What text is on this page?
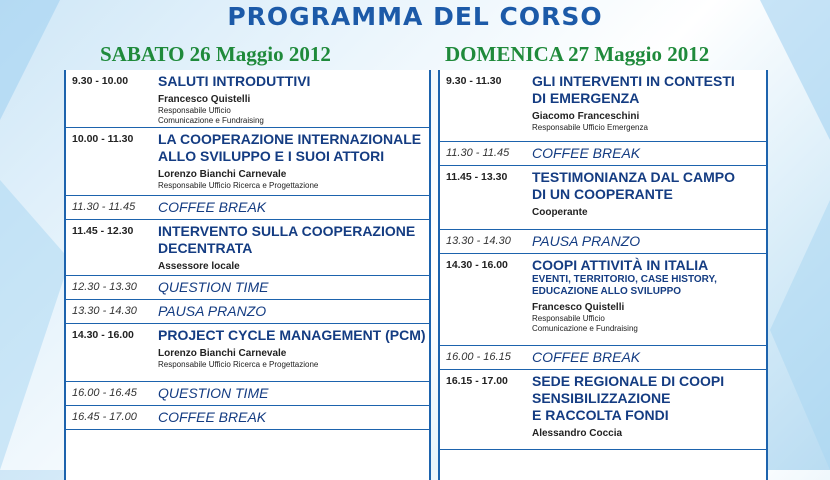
PROGRAMMA DEL CORSO
SABATO 26 Maggio 2012	DOMENICA 27 Maggio 2012
9.30 - 10.00	SALUTI INTRODUTTIVI
Francesco Quistelli
Responsabile Ufficio
Comunicazione e Fundraising
10.00 - 11.30	LA COOPERAZIONE INTERNAZIONALE
ALLO SVILUPPO E I SUOI ATTORI
Lorenzo Bianchi Carnevale
Responsabile Ufficio Ricerca e Progettazione
11.30 - 11.45	COFFEE BREAK
11.45 - 12.30	INTERVENTO SULLA COOPERAZIONE
DECENTRATA
Assessore locale
12.30 - 13.30	QUESTION TIME
13.30 - 14.30	PAUSA PRANZO
14.30 - 16.00	PROJECT CYCLE MANAGEMENT (PCM)
Lorenzo Bianchi Carnevale
Responsabile Ufficio Ricerca e Progettazione
16.00 - 16.45	QUESTION TIME
16.45 - 17.00	COFFEE BREAK
9.30 - 11.30	GLI INTERVENTI IN CONTESTI
DI EMERGENZA
Giacomo Franceschini
Responsabile Ufficio Emergenza
11.30 - 11.45	COFFEE BREAK
11.45 - 13.30	TESTIMONIANZA DAL CAMPO
DI UN COOPERANTE
Cooperante
13.30 - 14.30	PAUSA PRANZO
14.30 - 16.00	COOPI ATTIVITÀ IN ITALIA
EVENTI, TERRITORIO, CASE HISTORY,
EDUCAZIONE ALLO SVILUPPO
Francesco Quistelli
Responsabile Ufficio
Comunicazione e Fundraising
16.00 - 16.15	COFFEE BREAK
16.15 - 17.00	SEDE REGIONALE DI COOPI
SENSIBILIZZAZIONE
E RACCOLTA FONDI
Alessandro Coccia
